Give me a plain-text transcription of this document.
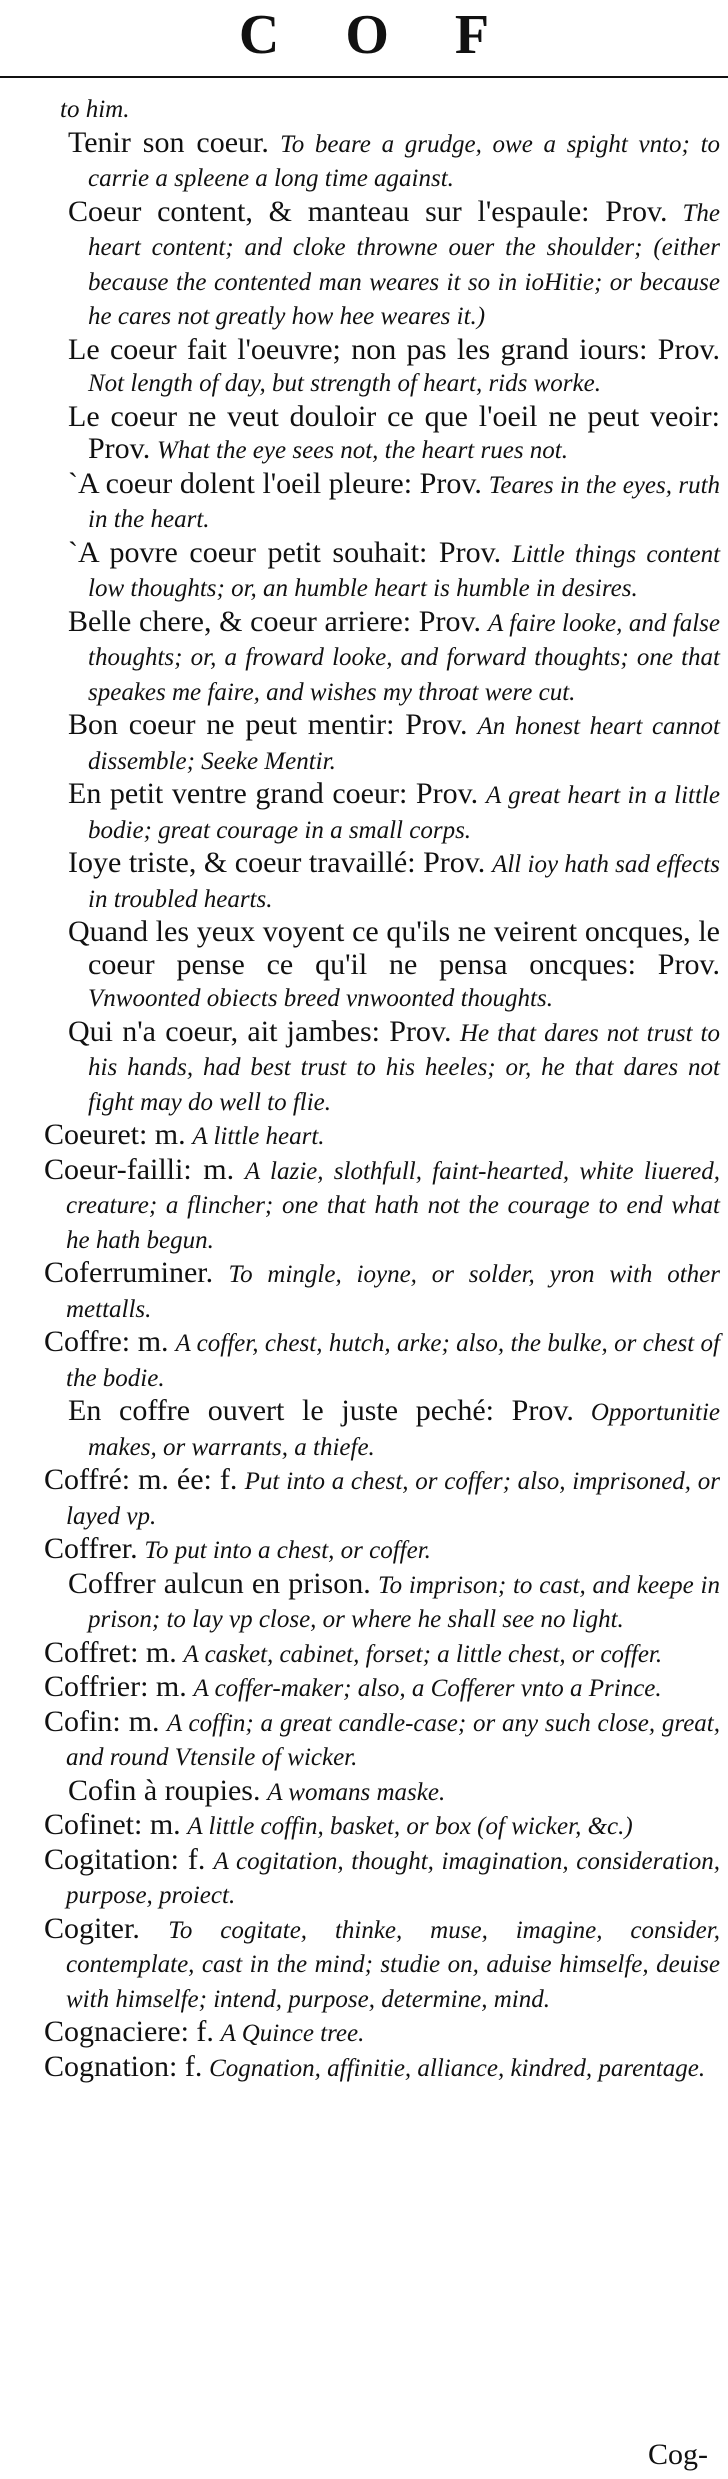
C O F
to him.
Tenir son coeur. To beare a grudge, owe a spight vnto; to carrie a spleene a long time against.
Coeur content, & manteau sur l'espaule: Prov. The heart content; and cloke throwne ouer the shoulder; (either because the contented man weares it so in ioHitie; or because he cares not greatly how hee weares it.)
Le coeur fait l'oeuvre; non pas les grand iours: Prov. Not length of day, but strength of heart, rids worke.
Le coeur ne veut douloir ce que l'oeil ne peut veoir: Prov. What the eye sees not, the heart rues not.
`A coeur dolent l'oeil pleure: Prov. Teares in the eyes, ruth in the heart.
`A povre coeur petit souhait: Prov. Little things content low thoughts; or, an humble heart is humble in desires.
Belle chere, & coeur arriere: Prov. A faire looke, and false thoughts; or, a froward looke, and forward thoughts; one that speakes me faire, and wishes my throat were cut.
Bon coeur ne peut mentir: Prov. An honest heart cannot dissemble; Seeke Mentir.
En petit ventre grand coeur: Prov. A great heart in a little bodie; great courage in a small corps.
Ioye triste, & coeur travaillé: Prov. All ioy hath sad effects in troubled hearts.
Quand les yeux voyent ce qu'ils ne veirent oncques, le coeur pense ce qu'il ne pensa oncques: Prov. Vnwoonted obiects breed vnwoonted thoughts.
Qui n'a coeur, ait jambes: Prov. He that dares not trust to his hands, had best trust to his heeles; or, he that dares not fight may do well to flie.
Coeuret: m. A little heart.
Coeur-failli: m. A lazie, slothfull, faint-hearted, white liuered, creature; a flincher; one that hath not the courage to end what he hath begun.
Coferruminer. To mingle, ioyne, or solder, yron with other mettalls.
Coffre: m. A coffer, chest, hutch, arke; also, the bulke, or chest of the bodie.
En coffre ouvert le juste peché: Prov. Opportunitie makes, or warrants, a thiefe.
Coffré: m. ée: f. Put into a chest, or coffer; also, imprisoned, or layed vp.
Coffrer. To put into a chest, or coffer.
Coffrer aulcun en prison. To imprison; to cast, and keepe in prison; to lay vp close, or where he shall see no light.
Coffret: m. A casket, cabinet, forset; a little chest, or coffer.
Coffrier: m. A coffer-maker; also, a Cofferer vnto a Prince.
Cofin: m. A coffin; a great candle-case; or any such close, great, and round Vtensile of wicker.
Cofin à roupies. A womans maske.
Cofinet: m. A little coffin, basket, or box (of wicker, &c.)
Cogitation: f. A cogitation, thought, imagination, consideration, purpose, proiect.
Cogiter. To cogitate, thinke, muse, imagine, consider, contemplate, cast in the mind; studie on, aduise himselfe, deuise with himselfe; intend, purpose, determine, mind.
Cognaciere: f. A Quince tree.
Cognation: f. Cognation, affinitie, alliance, kindred, parentage.
Cog-
